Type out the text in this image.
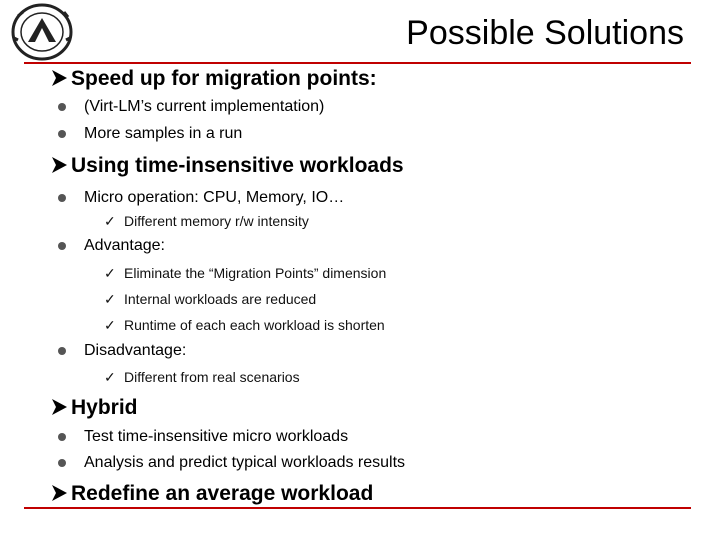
Possible Solutions
Speed up for migration points:
(Virt-LM’s current implementation)
More samples in a run
Using time-insensitive workloads
Micro operation: CPU, Memory, IO…
✓ Different memory r/w intensity
Advantage:
✓ Eliminate the “Migration Points” dimension
✓ Internal workloads are reduced
✓ Runtime of each each workload is shorten
Disadvantage:
✓ Different from real scenarios
Hybrid
Test time-insensitive micro workloads
Analysis and predict typical workloads results
Redefine an average workload
